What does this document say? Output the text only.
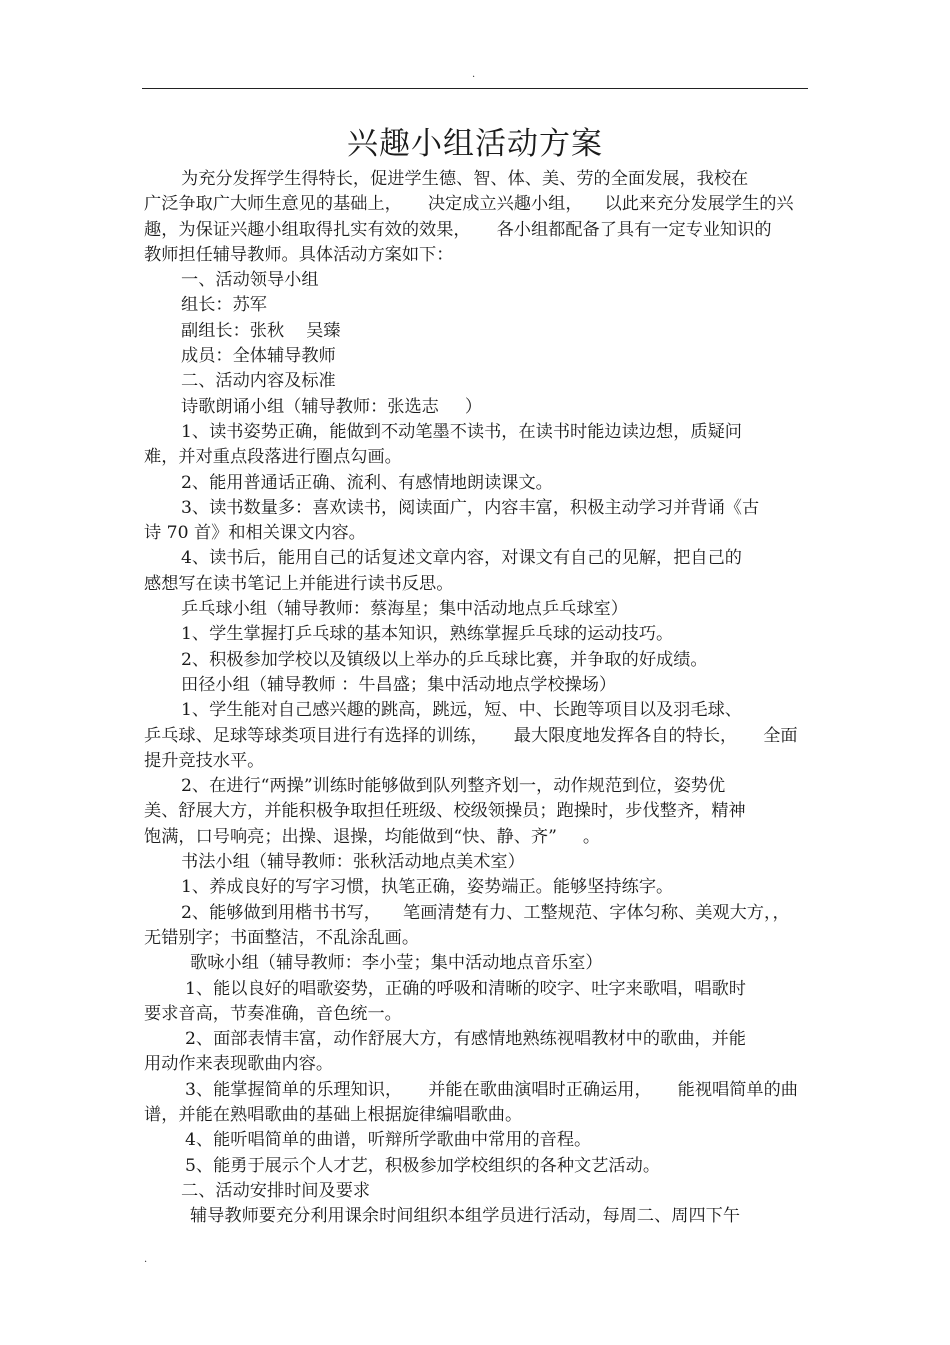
.
兴趣小组活动方案

为充分发挥学生得特长，促进学生德、智、体、美、劳的全面发展，我校在

广泛争取广大师生意见的基础上， 决定成立兴趣小组， 以此来充分发展学生的兴

趣，为保证兴趣小组取得扎实有效的效果， 各小组都配备了具有一定专业知识的

教师担任辅导教师。具体活动方案如下：

一、活动领导小组

组长：苏军

副组长：张秋 吴臻

成员：全体辅导教师

二、活动内容及标准

诗歌朗诵小组（辅导教师：张选志 ）

1、读书姿势正确，能做到不动笔墨不读书，在读书时能边读边想，质疑问

难，并对重点段落进行圈点勾画。

2、能用普通话正确、流利、有感情地朗读课文。

3、读书数量多：喜欢读书，阅读面广，内容丰富，积极主动学习并背诵《古

诗 70 首》和相关课文内容。

4、读书后，能用自己的话复述文章内容，对课文有自己的见解，把自己的

感想写在读书笔记上并能进行读书反思。

乒乓球小组（辅导教师：蔡海星；集中活动地点乒乓球室）

1、学生掌握打乒乓球的基本知识，熟练掌握乒乓球的运动技巧。

2、积极参加学校以及镇级以上举办的乒乓球比赛，并争取的好成绩。

田径小组（辅导教师 ：牛昌盛；集中活动地点学校操场）

1、学生能对自己感兴趣的跳高，跳远，短、中、长跑等项目以及羽毛球、

乒乓球、足球等球类项目进行有选择的训练， 最大限度地发挥各自的特长， 全面

提升竞技水平。

2、在进行“两操”训练时能够做到队列整齐划一，动作规范到位，姿势优

美、舒展大方，并能积极争取担任班级、校级领操员；跑操时，步伐整齐，精神

饱满，口号响亮；出操、退操，均能做到“快、静、齐” 。

书法小组（辅导教师：张秋活动地点美术室）

1、养成良好的写字习惯，执笔正确，姿势端正。能够坚持练字。

2、能够做到用楷书书写， 笔画清楚有力、工整规范、字体匀称、美观大方，，

无错别字；书面整洁，不乱涂乱画。

歌咏小组（辅导教师：李小莹；集中活动地点音乐室）

1、能以良好的唱歌姿势，正确的呼吸和清晰的咬字、吐字来歌唱，唱歌时

要求音高，节奏准确，音色统一。

2、面部表情丰富，动作舒展大方，有感情地熟练视唱教材中的歌曲，并能

用动作来表现歌曲内容。

3、能掌握简单的乐理知识， 并能在歌曲演唱时正确运用， 能视唱简单的曲

谱，并能在熟唱歌曲的基础上根据旋律编唱歌曲。

4、能听唱简单的曲谱，听辩所学歌曲中常用的音程。

5、能勇于展示个人才艺，积极参加学校组织的各种文艺活动。

二、活动安排时间及要求

辅导教师要充分利用课余时间组织本组学员进行活动，每周二、周四下午

.
